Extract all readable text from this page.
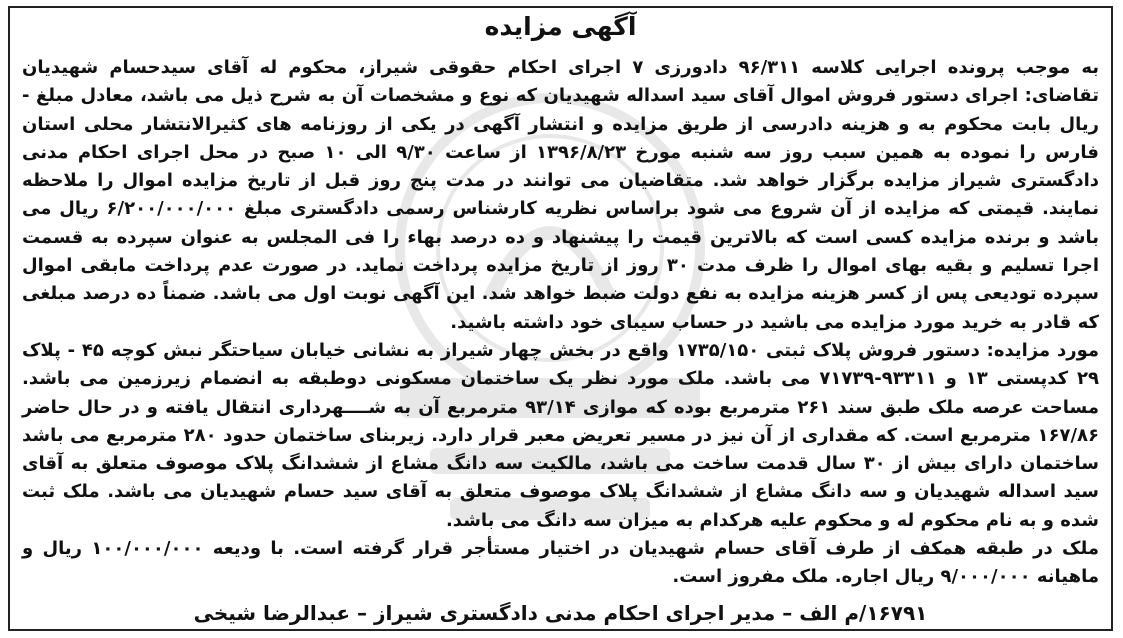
آگهی مزایده

به موجب پرونده اجرایی کلاسه ۹۶/۳۱۱ دادورزی ۷ اجرای احکام حقوقی شیراز، محکوم له آقای سیدحسام شهیدیان تقاضای: اجرای دستور فروش اموال آقای سید اسداله شهیدیان که نوع و مشخصات آن به شرح ذیل می باشد، معادل مبلغ - ریال بابت محکوم به و هزینه دادرسی از طریق مزایده و انتشار آگهی در یکی از روزنامه های کثیرالانتشار محلی استان فارس را نموده به همین سبب روز سه شنبه مورخ ۱۳۹۶/۸/۲۳ از ساعت ۹/۳۰ الی ۱۰ صبح در محل اجرای احکام مدنی دادگستری شیراز مزایده برگزار خواهد شد. متقاضیان می توانند در مدت پنج روز قبل از تاریخ مزایده اموال را ملاحظه نمایند. قیمتی که مزایده از آن شروع می شود براساس نظریه کارشناس رسمی دادگستری مبلغ ۶/۲۰۰/۰۰۰/۰۰۰ ریال می باشد و برنده مزایده کسی است که بالاترین قیمت را پیشنهاد و ده درصد بهاء را فی المجلس به عنوان سپرده به قسمت اجرا تسلیم و بقیه بهای اموال را ظرف مدت ۳۰ روز از تاریخ مزایده پرداخت نماید. در صورت عدم پرداخت مابقی اموال سپرده تودیعی پس از کسر هزینه مزایده به نفع دولت ضبط خواهد شد. این آگهی نوبت اول می باشد. ضمناً ده درصد مبلغی که قادر به خرید مورد مزایده می باشید در حساب سیبای خود داشته باشید.

مورد مزایده: دستور فروش پلاک ثبتی ۱۷۳۵/۱۵۰ واقع در بخش چهار شیراز به نشانی خیابان سیاحتگر نبش کوچه ۴۵ - پلاک ۲۹ کدپستی ۱۳ و ۹۳۳۱۱-۷۱۷۳۹ می باشد. ملک مورد نظر یک ساختمان مسکونی دوطبقه به انضمام زیرزمین می باشد. مساحت عرصه ملک طبق سند ۲۶۱ مترمربع بوده که موازی ۹۳/۱۴ مترمربع آن به شــــهرداری انتقال یافته و در حال حاضر ۱۶۷/۸۶ مترمربع است. که مقداری از آن نیز در مسیر تعریض معبر قرار دارد. زیربنای ساختمان حدود ۲۸۰ مترمربع می باشد ساختمان دارای بیش از ۳۰ سال قدمت ساخت می باشد، مالکیت سه دانگ مشاع از ششدانگ پلاک موصوف متعلق به آقای سید اسداله شهیدیان و سه دانگ مشاع از ششدانگ پلاک موصوف متعلق به آقای سید حسام شهیدیان می باشد. ملک ثبت شده و به نام محکوم له و محکوم علیه هرکدام به میزان سه دانگ می باشد.

ملک در طبقه همکف از طرف آقای حسام شهیدیان در اختیار مستأجر قرار گرفته است. با ودیعه ۱۰۰/۰۰۰/۰۰۰ ریال و ماهیانه ۹/۰۰۰/۰۰۰ ریال اجاره. ملک مفروز است.

۱۶۷۹۱/م الف – مدیر اجرای احکام مدنی دادگستری شیراز – عبدالرضا شیخی
